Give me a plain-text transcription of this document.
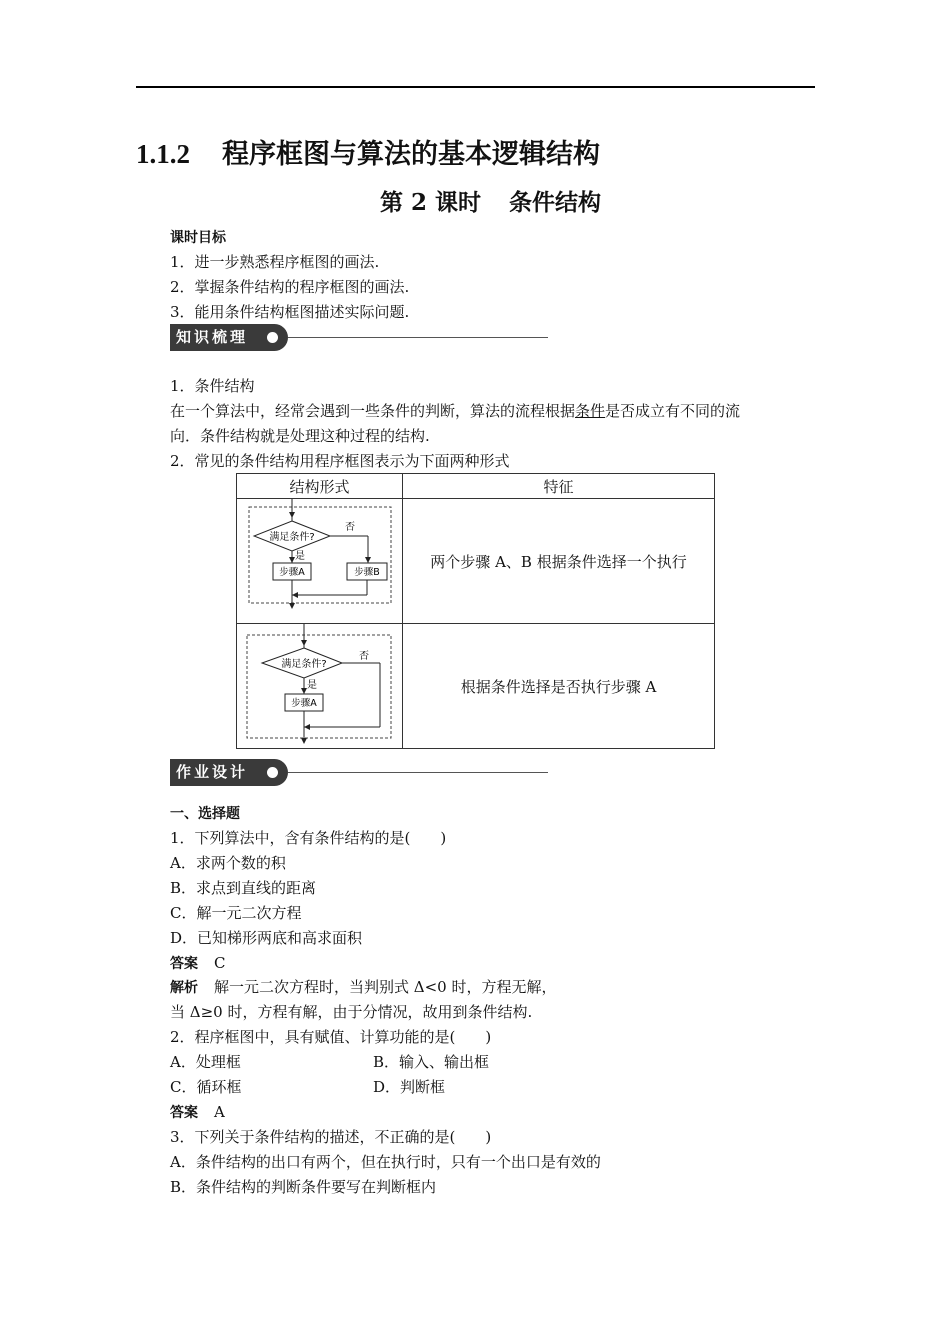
1.1.2 程序框图与算法的基本逻辑结构
第 2 课时 条件结构
课时目标
1．进一步熟悉程序框图的画法.
2．掌握条件结构的程序框图的画法.
3．能用条件结构框图描述实际问题.
知识梳理
1．条件结构
在一个算法中，经常会遇到一些条件的判断，算法的流程根据条件是否成立有不同的流
向．条件结构就是处理这种过程的结构.
2．常见的条件结构用程序框图表示为下面两种形式
结构形式	特征

满足条件?
否
是
步骤A 步骤B	两个步骤 A、B 根据条件选择一个执行

满足条件?
否
是
步骤A	根据条件选择是否执行步骤 A
作业设计
一、选择题
1．下列算法中，含有条件结构的是(　　)
A．求两个数的积
B．求点到直线的距离
C．解一元二次方程
D．已知梯形两底和高求面积
答案 C
解析 解一元二次方程时，当判别式 Δ<0 时，方程无解，
当 Δ≥0 时，方程有解，由于分情况，故用到条件结构.
2．程序框图中，具有赋值、计算功能的是(　　)
A．处理框	B．输入、输出框
C．循环框	D．判断框
答案 A
3．下列关于条件结构的描述，不正确的是(　　)
A．条件结构的出口有两个，但在执行时，只有一个出口是有效的
B．条件结构的判断条件要写在判断框内
